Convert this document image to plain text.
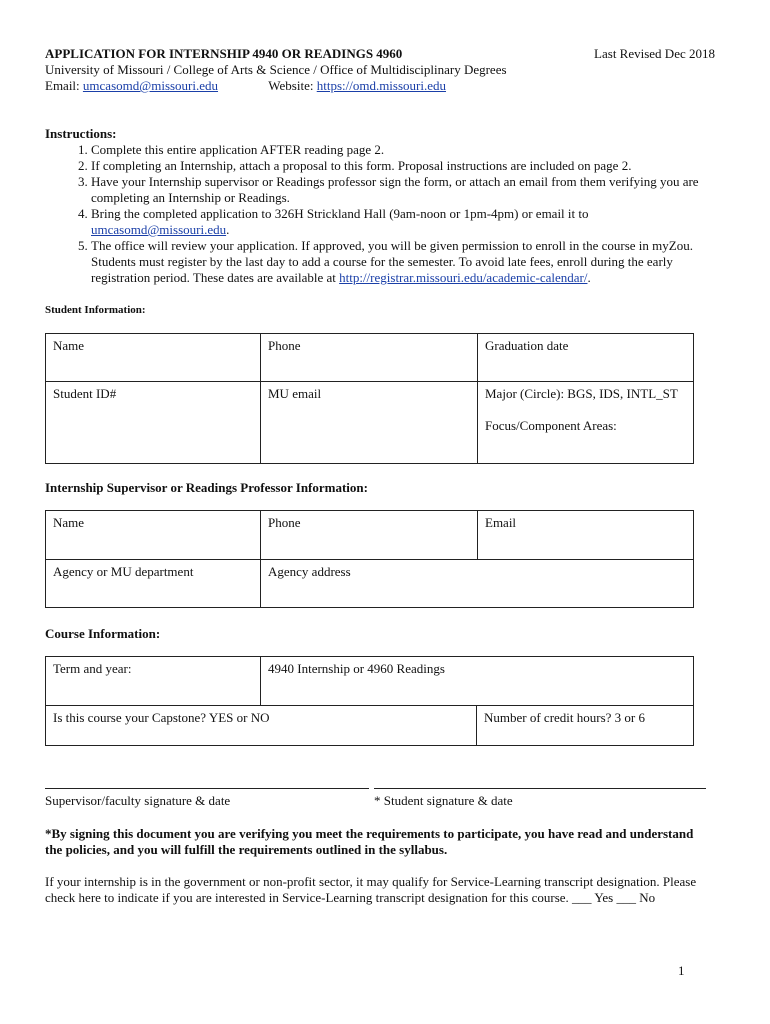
APPLICATION FOR INTERNSHIP 4940 OR READINGS 4960	Last Revised Dec 2018
University of Missouri / College of Arts & Science / Office of Multidisciplinary Degrees
Email: umcasomd@missouri.edu	Website: https://omd.missouri.edu
Instructions:
1. Complete this entire application AFTER reading page 2.
2. If completing an Internship, attach a proposal to this form. Proposal instructions are included on page 2.
3. Have your Internship supervisor or Readings professor sign the form, or attach an email from them verifying you are completing an Internship or Readings.
4. Bring the completed application to 326H Strickland Hall (9am-noon or 1pm-4pm) or email it to umcasomd@missouri.edu.
5. The office will review your application. If approved, you will be given permission to enroll in the course in myZou. Students must register by the last day to add a course for the semester. To avoid late fees, enroll during the early registration period. These dates are available at http://registrar.missouri.edu/academic-calendar/.
Student Information:
Name	Phone	Graduation date
Student ID#	MU email	Major (Circle): BGS, IDS, INTL_ST
Focus/Component Areas:
Internship Supervisor or Readings Professor Information:
Name	Phone	Email
Agency or MU department	Agency address	
Course Information:
Term and year:	4940 Internship or 4960 Readings	
Is this course your Capstone? YES or NO		Number of credit hours? 3 or 6
Supervisor/faculty signature & date	* Student signature & date
*By signing this document you are verifying you meet the requirements to participate, you have read and understand the policies, and you will fulfill the requirements outlined in the syllabus.
If your internship is in the government or non-profit sector, it may qualify for Service-Learning transcript designation. Please check here to indicate if you are interested in Service-Learning transcript designation for this course. ___ Yes ___ No
1
